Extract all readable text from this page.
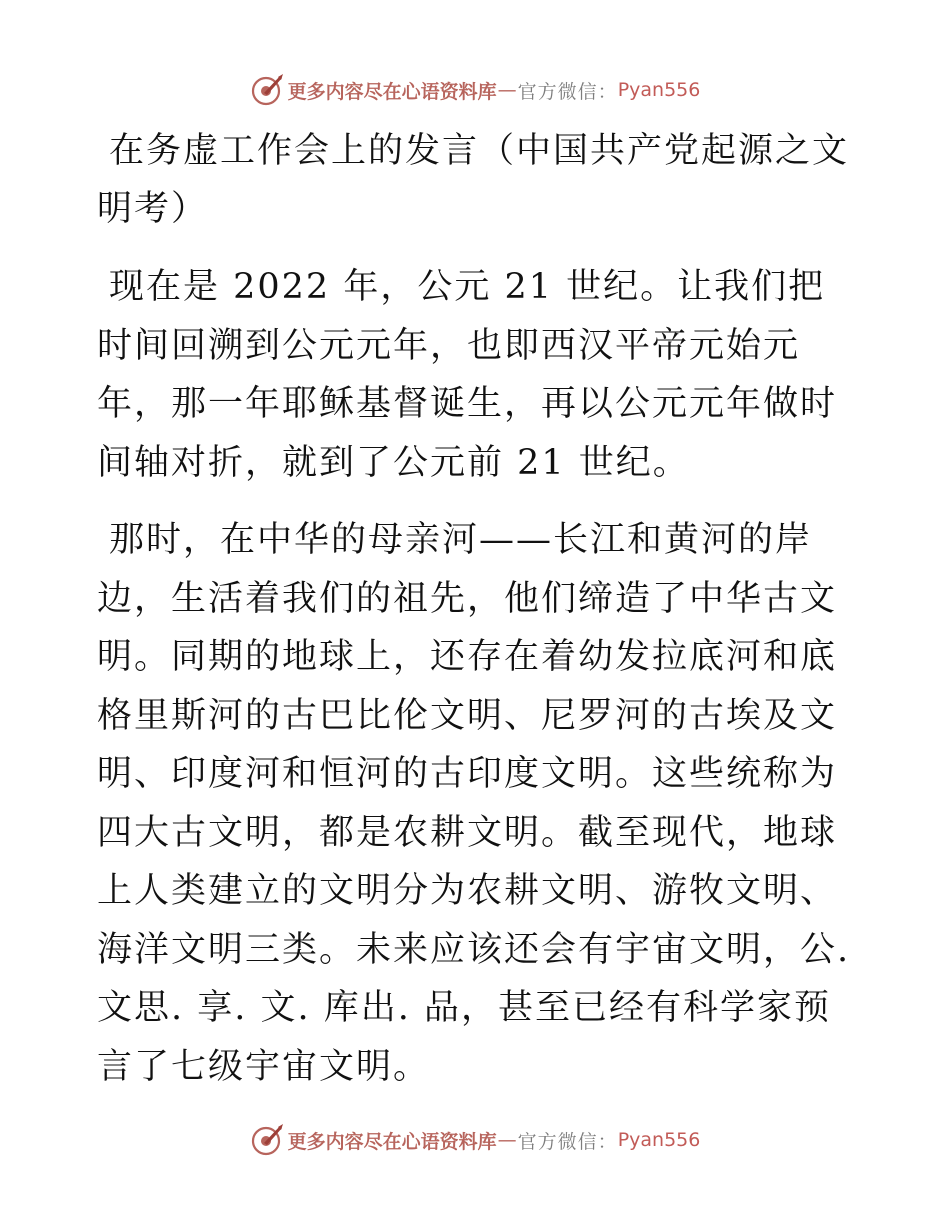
更多内容尽在心语资料库 — 官方微信： Pyan556
在务虚工作会上的发言（中国共产党起源之文明考）

现在是 2022 年，公元 21 世纪。让我们把时间回溯到公元元年，也即西汉平帝元始元年，那一年耶稣基督诞生，再以公元元年做时间轴对折，就到了公元前 21 世纪。

那时，在中华的母亲河——长江和黄河的岸边，生活着我们的祖先，他们缔造了中华古文明。同期的地球上，还存在着幼发拉底河和底格里斯河的古巴比伦文明、尼罗河的古埃及文明、印度河和恒河的古印度文明。这些统称为四大古文明，都是农耕文明。截至现代，地球上人类建立的文明分为农耕文明、游牧文明、海洋文明三类。未来应该还会有宇宙文明，公. 文思. 享. 文. 库出. 品，甚至已经有科学家预言了七级宇宙文明。

更多内容尽在心语资料库 — 官方微信： Pyan556
